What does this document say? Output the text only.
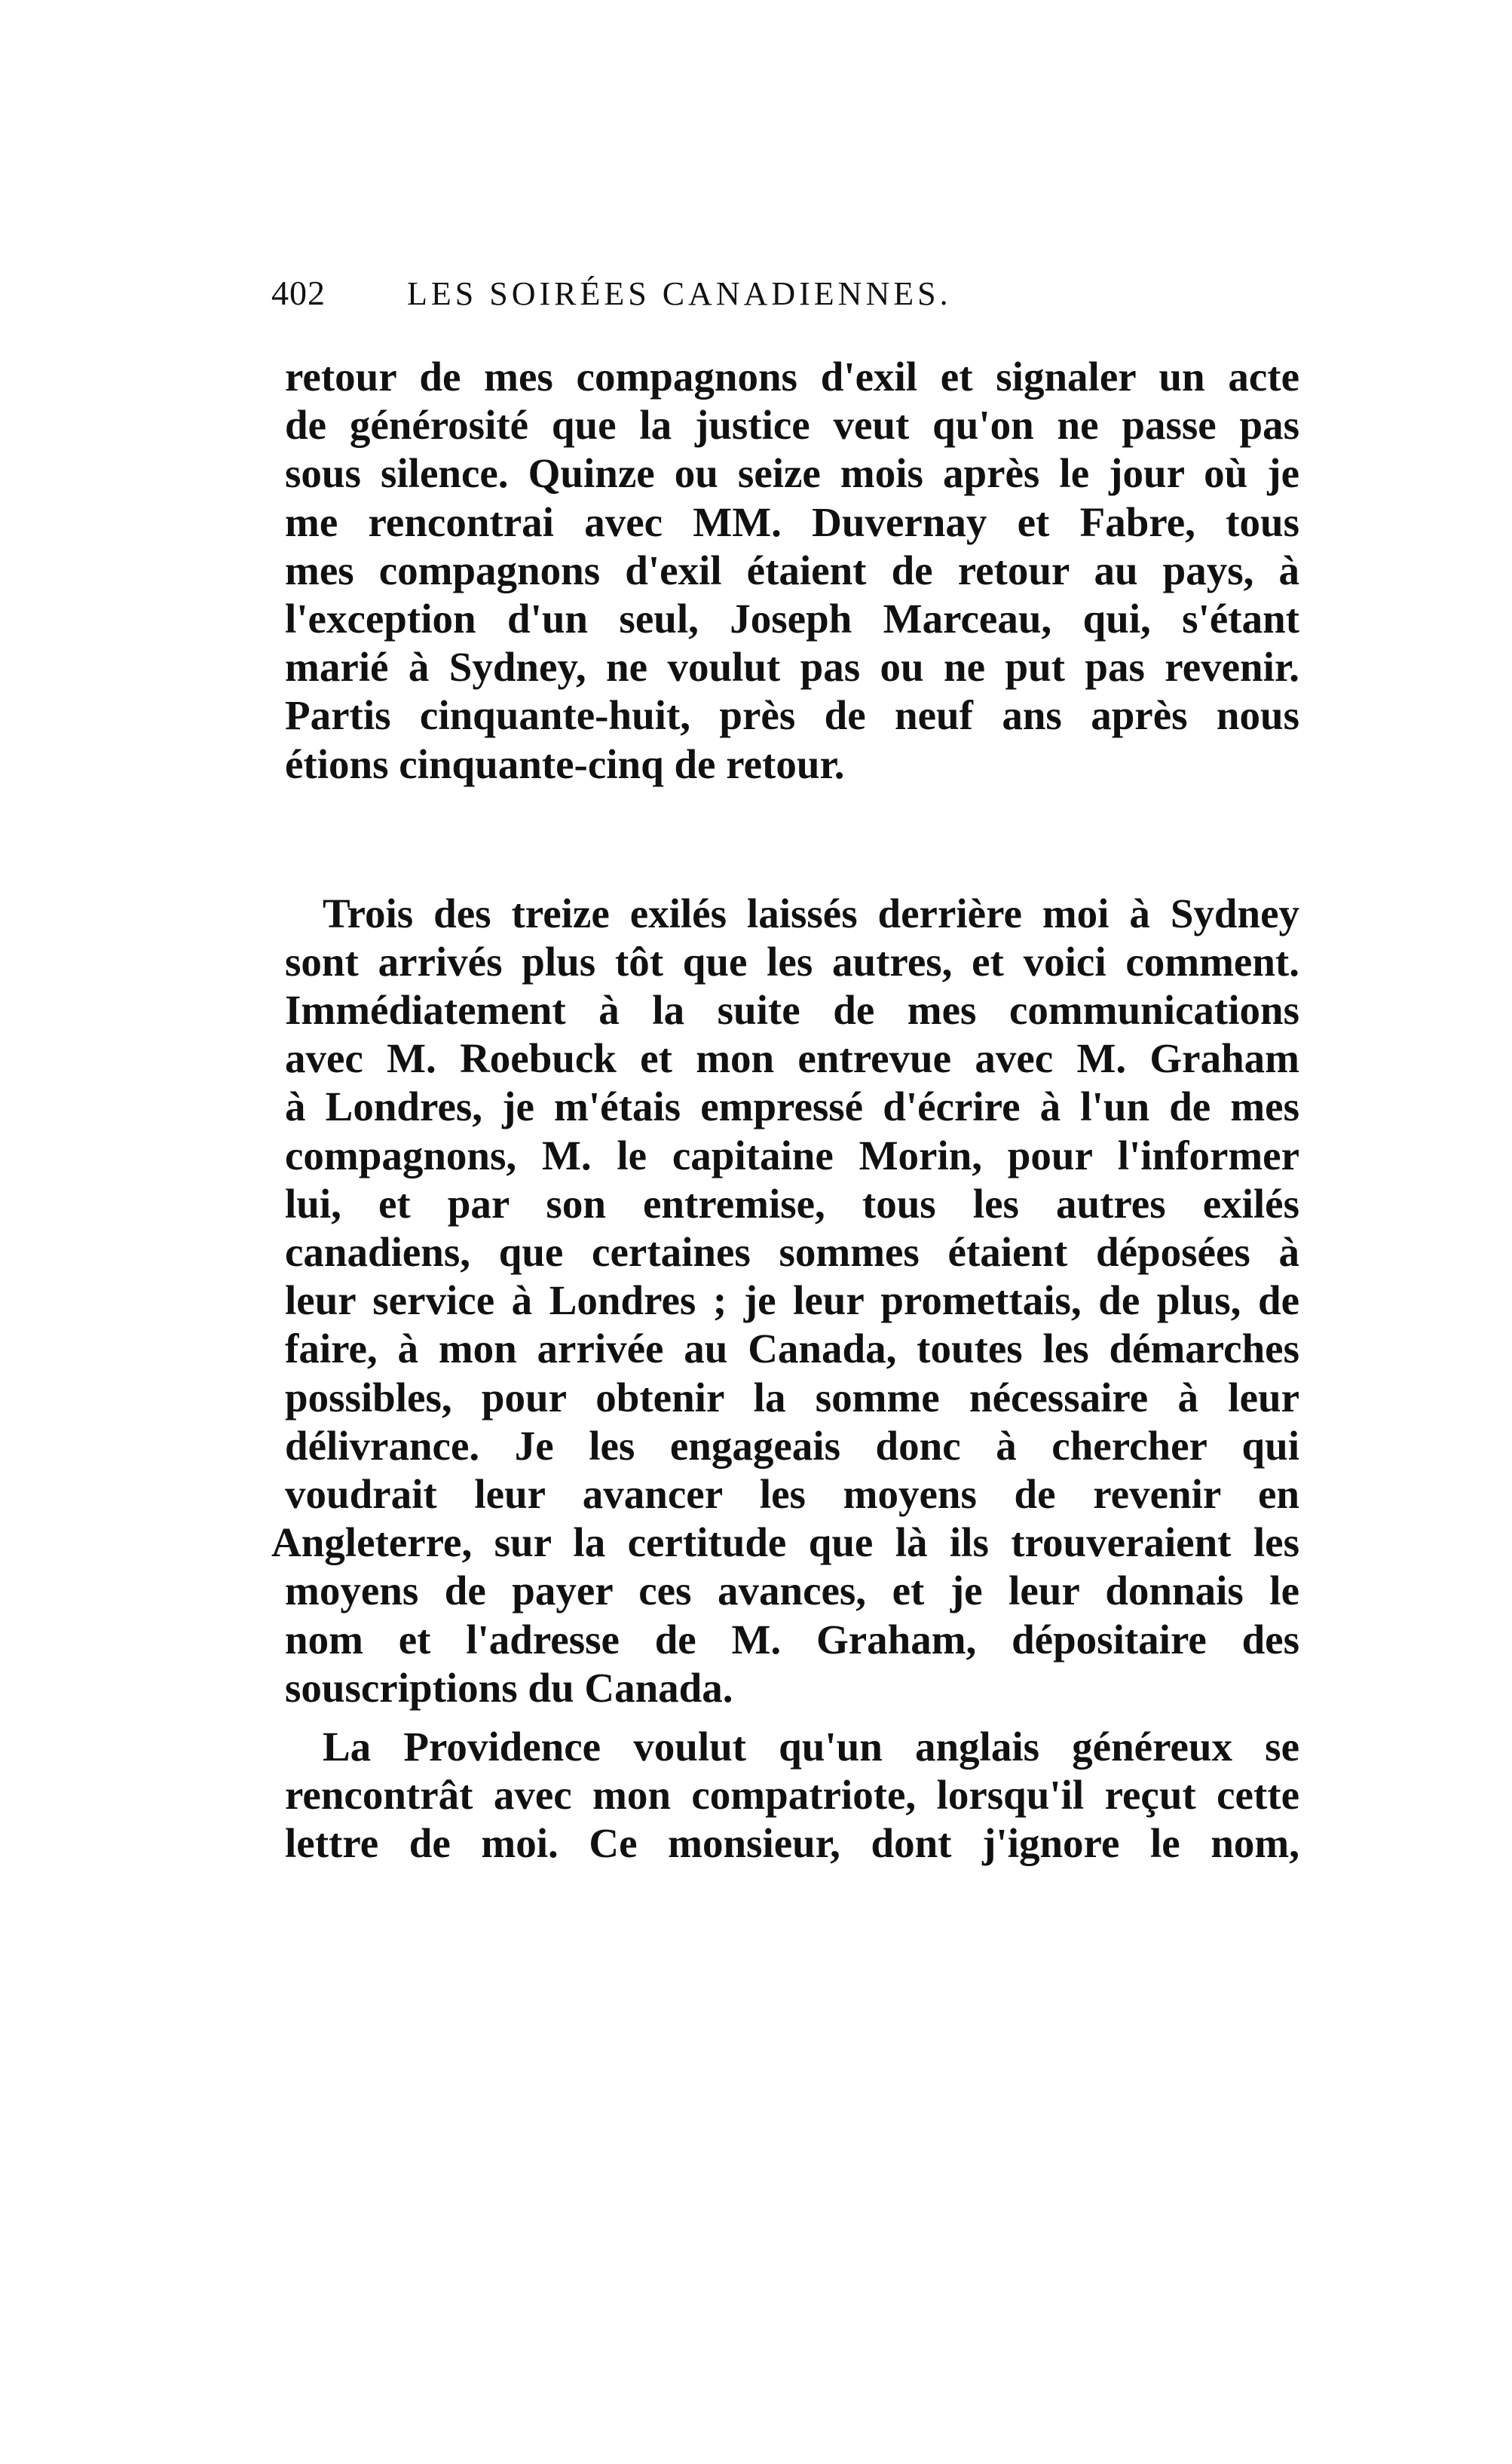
402 LES SOIRÉES CANADIENNES.
retour de mes compagnons d'exil et signaler un acte
de générosité que la justice veut qu'on ne passe pas
sous silence. Quinze ou seize mois après le jour où je
me rencontrai avec MM. Duvernay et Fabre, tous
mes compagnons d'exil étaient de retour au pays, à
l'exception d'un seul, Joseph Marceau, qui, s'étant
marié à Sydney, ne voulut pas ou ne put pas revenir.
Partis cinquante-huit, près de neuf ans après nous
étions cinquante-cinq de retour.
Trois des treize exilés laissés derrière moi à Sydney
sont arrivés plus tôt que les autres, et voici comment.
Immédiatement à la suite de mes communications
avec M. Roebuck et mon entrevue avec M. Graham
à Londres, je m'étais empressé d'écrire à l'un de mes
compagnons, M. le capitaine Morin, pour l'informer
lui, et par son entremise, tous les autres exilés
canadiens, que certaines sommes étaient déposées à
leur service à Londres ; je leur promettais, de plus, de
faire, à mon arrivée au Canada, toutes les démarches
possibles, pour obtenir la somme nécessaire à leur
délivrance. Je les engageais donc à chercher qui
voudrait leur avancer les moyens de revenir en
Angleterre, sur la certitude que là ils trouveraient les
moyens de payer ces avances, et je leur donnais le
nom et l'adresse de M. Graham, dépositaire des
souscriptions du Canada.
La Providence voulut qu'un anglais généreux se
rencontrât avec mon compatriote, lorsqu'il reçut cette
lettre de moi. Ce monsieur, dont j'ignore le nom,
